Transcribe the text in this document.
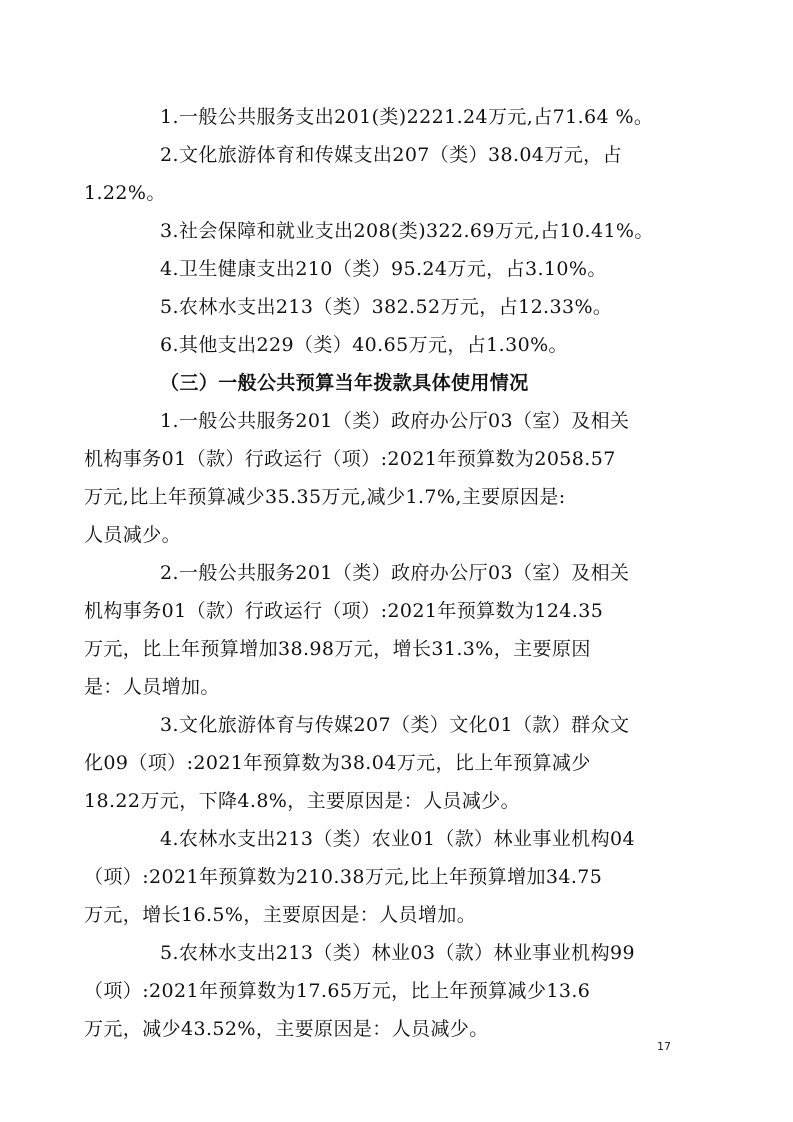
1.一般公共服务支出201(类)2221.24万元,占71.64 %。

2.文化旅游体育和传媒支出207（类）38.04万元，占
1.22%。

3.社会保障和就业支出208(类)322.69万元,占10.41%。

4.卫生健康支出210（类）95.24万元，占3.10%。

5.农林水支出213（类）382.52万元，占12.33%。

6.其他支出229（类）40.65万元，占1.30%。

（三）一般公共预算当年拨款具体使用情况

1.一般公共服务201（类）政府办公厅03（室）及相关
机构事务01（款）行政运行（项）:2021年预算数为2058.57
万元,比上年预算减少35.35万元,减少1.7%,主要原因是:
人员减少。

2.一般公共服务201（类）政府办公厅03（室）及相关
机构事务01（款）行政运行（项）:2021年预算数为124.35
万元，比上年预算增加38.98万元，增长31.3%，主要原因
是：人员增加。

3.文化旅游体育与传媒207（类）文化01（款）群众文
化09（项）:2021年预算数为38.04万元，比上年预算减少
18.22万元，下降4.8%，主要原因是：人员减少。

4.农林水支出213（类）农业01（款）林业事业机构04
（项）:2021年预算数为210.38万元,比上年预算增加34.75
万元，增长16.5%，主要原因是：人员增加。

5.农林水支出213（类）林业03（款）林业事业机构99
（项）:2021年预算数为17.65万元，比上年预算减少13.6
万元，减少43.52%，主要原因是：人员减少。

17
